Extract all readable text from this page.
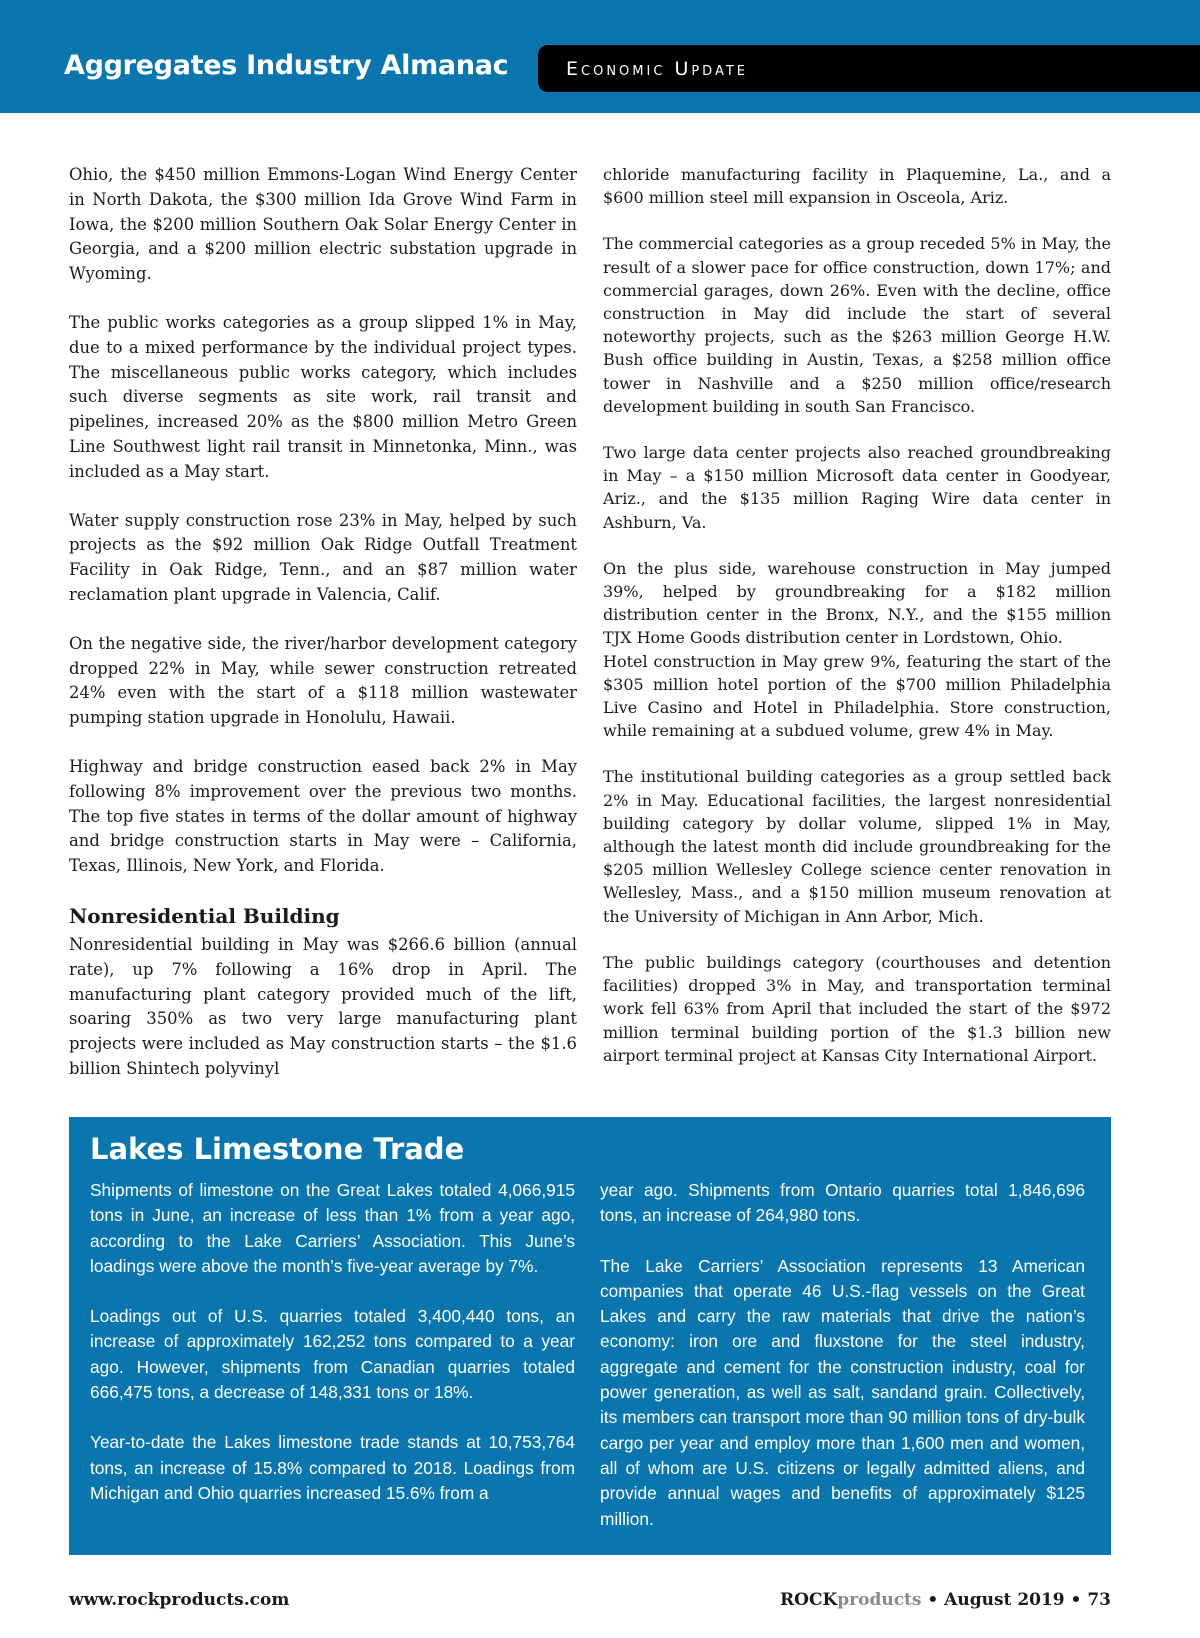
Aggregates Industry Almanac	Economic Update

Ohio, the $450 million Emmons-Logan Wind Energy Center in North Dakota, the $300 million Ida Grove Wind Farm in Iowa, the $200 million Southern Oak Solar Energy Center in Georgia, and a $200 million electric substation upgrade in Wyoming.

The public works categories as a group slipped 1% in May, due to a mixed performance by the individual project types. The miscellaneous public works category, which includes such diverse segments as site work, rail transit and pipelines, increased 20% as the $800 million Metro Green Line Southwest light rail transit in Minnetonka, Minn., was included as a May start.

Water supply construction rose 23% in May, helped by such projects as the $92 million Oak Ridge Outfall Treatment Facility in Oak Ridge, Tenn., and an $87 million water reclamation plant upgrade in Valencia, Calif.

On the negative side, the river/harbor development category dropped 22% in May, while sewer construction retreated 24% even with the start of a $118 million wastewater pumping station upgrade in Honolulu, Hawaii.

Highway and bridge construction eased back 2% in May following 8% improvement over the previous two months. The top five states in terms of the dollar amount of highway and bridge construction starts in May were – California, Texas, Illinois, New York, and Florida.

Nonresidential Building

Nonresidential building in May was $266.6 billion (annual rate), up 7% following a 16% drop in April. The manufacturing plant category provided much of the lift, soaring 350% as two very large manufacturing plant projects were included as May construction starts – the $1.6 billion Shintech polyvinyl

chloride manufacturing facility in Plaquemine, La., and a $600 million steel mill expansion in Osceola, Ariz.

The commercial categories as a group receded 5% in May, the result of a slower pace for office construction, down 17%; and commercial garages, down 26%. Even with the decline, office construction in May did include the start of several noteworthy projects, such as the $263 million George H.W. Bush office building in Austin, Texas, a $258 million office tower in Nashville and a $250 million office/research development building in south San Francisco.

Two large data center projects also reached groundbreaking in May – a $150 million Microsoft data center in Goodyear, Ariz., and the $135 million Raging Wire data center in Ashburn, Va.

On the plus side, warehouse construction in May jumped 39%, helped by groundbreaking for a $182 million distribution center in the Bronx, N.Y., and the $155 million TJX Home Goods distribution center in Lordstown, Ohio.

Hotel construction in May grew 9%, featuring the start of the $305 million hotel portion of the $700 million Philadelphia Live Casino and Hotel in Philadelphia. Store construction, while remaining at a subdued volume, grew 4% in May.

The institutional building categories as a group settled back 2% in May. Educational facilities, the largest nonresidential building category by dollar volume, slipped 1% in May, although the latest month did include groundbreaking for the $205 million Wellesley College science center renovation in Wellesley, Mass., and a $150 million museum renovation at the University of Michigan in Ann Arbor, Mich.

The public buildings category (courthouses and detention facilities) dropped 3% in May, and transportation terminal work fell 63% from April that included the start of the $972 million terminal building portion of the $1.3 billion new airport terminal project at Kansas City International Airport.

Lakes Limestone Trade

Shipments of limestone on the Great Lakes totaled 4,066,915 tons in June, an increase of less than 1% from a year ago, according to the Lake Carriers’ Association. This June’s loadings were above the month’s five-year average by 7%.

Loadings out of U.S. quarries totaled 3,400,440 tons, an increase of approximately 162,252 tons compared to a year ago. However, shipments from Canadian quarries totaled 666,475 tons, a decrease of 148,331 tons or 18%.

Year-to-date the Lakes limestone trade stands at 10,753,764 tons, an increase of 15.8% compared to 2018. Loadings from Michigan and Ohio quarries increased 15.6% from a

year ago. Shipments from Ontario quarries total 1,846,696 tons, an increase of 264,980 tons.

The Lake Carriers’ Association represents 13 American companies that operate 46 U.S.-flag vessels on the Great Lakes and carry the raw materials that drive the nation’s economy: iron ore and fluxstone for the steel industry, aggregate and cement for the construction industry, coal for power generation, as well as salt, sandand grain. Collectively, its members can transport more than 90 million tons of dry-bulk cargo per year and employ more than 1,600 men and women, all of whom are U.S. citizens or legally admitted aliens, and provide annual wages and benefits of approximately $125 million.

www.rockproducts.com	ROCKproducts • August 2019 • 73
